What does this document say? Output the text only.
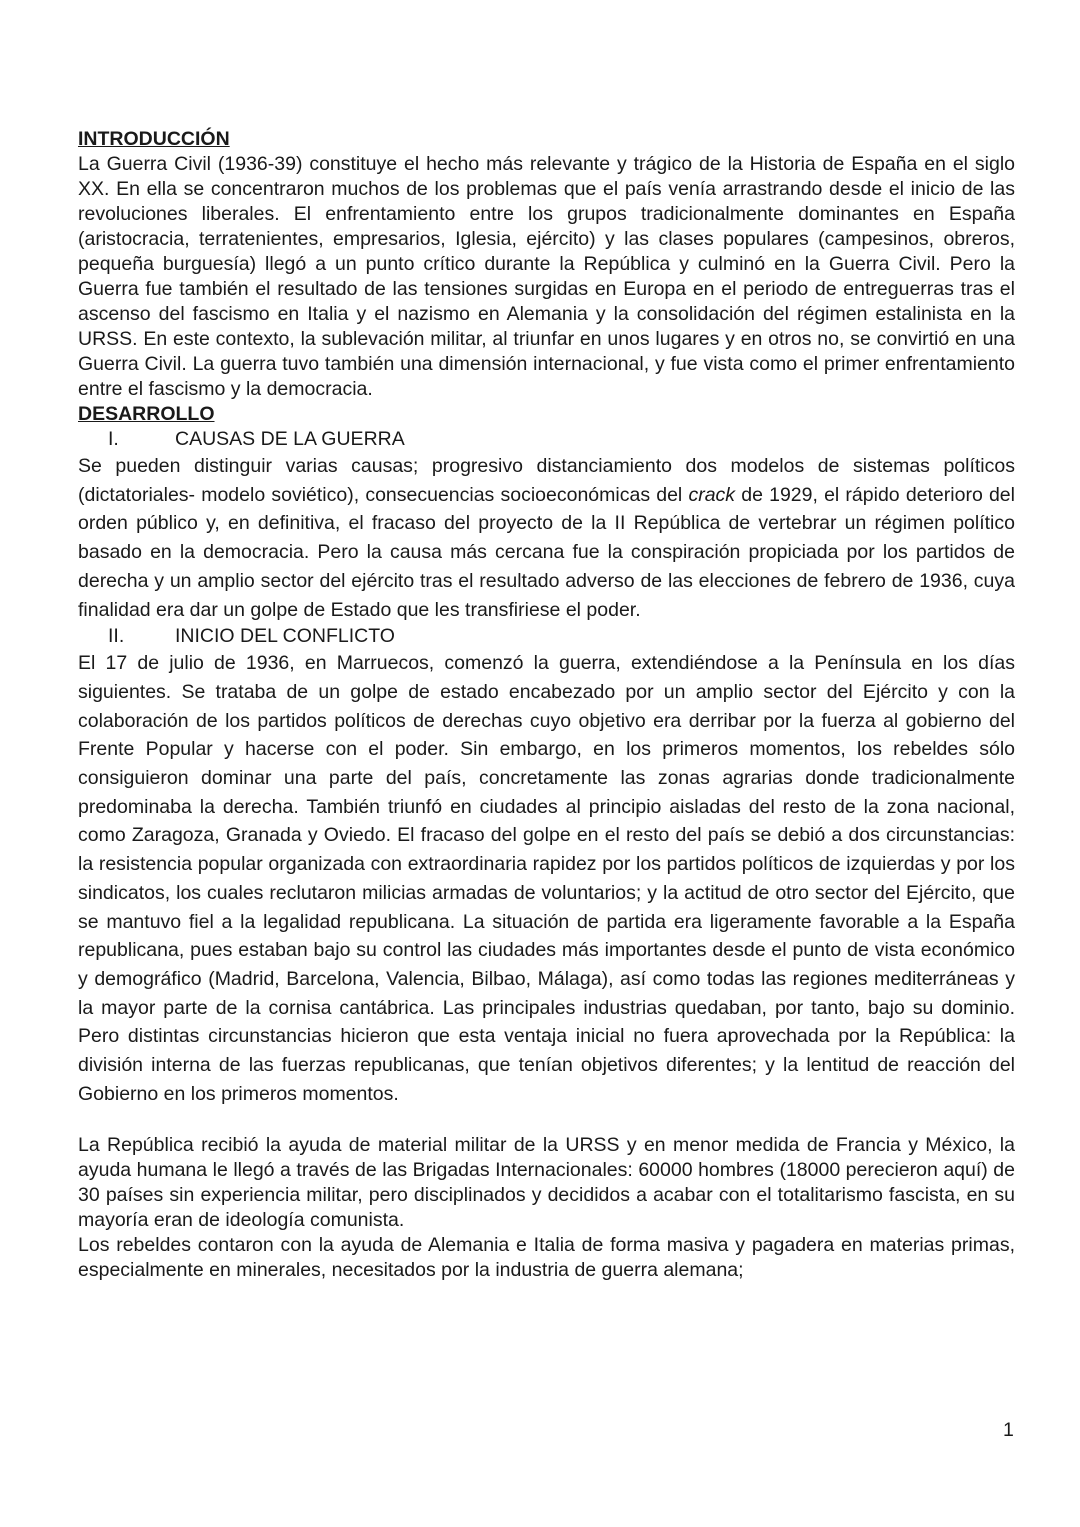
INTRODUCCIÓN

La Guerra Civil (1936-39) constituye el hecho más relevante y trágico de la Historia de España en el siglo XX. En ella se concentraron muchos de los problemas que el país venía arrastrando desde el inicio de las revoluciones liberales. El enfrentamiento entre los grupos tradicionalmente dominantes en España (aristocracia, terratenientes, empresarios, Iglesia, ejército) y las clases populares (campesinos, obreros, pequeña burguesía) llegó a un punto crítico durante la República y culminó en la Guerra Civil. Pero la Guerra fue también el resultado de las tensiones surgidas en Europa en el periodo de entreguerras tras el ascenso del fascismo en Italia y el nazismo en Alemania y la consolidación del régimen estalinista en la URSS. En este contexto, la sublevación militar, al triunfar en unos lugares y en otros no, se convirtió en una Guerra Civil. La guerra tuvo también una dimensión internacional, y fue vista como el primer enfrentamiento entre el fascismo y la democracia.

DESARROLLO

I.	CAUSAS DE LA GUERRA

Se pueden distinguir varias causas; progresivo distanciamiento dos modelos de sistemas políticos (dictatoriales- modelo soviético), consecuencias socioeconómicas del crack de 1929, el rápido deterioro del orden público y, en definitiva, el fracaso del proyecto de la II República de vertebrar un régimen político basado en la democracia. Pero la causa más cercana fue la conspiración propiciada por los partidos de derecha y un amplio sector del ejército tras el resultado adverso de las elecciones de febrero de 1936, cuya finalidad era dar un golpe de Estado que les transfiriese el poder.

II.	INICIO DEL CONFLICTO

El 17 de julio de 1936, en Marruecos, comenzó la guerra, extendiéndose a la Península en los días siguientes. Se trataba de un golpe de estado encabezado por un amplio sector del Ejército y con la colaboración de los partidos políticos de derechas cuyo objetivo era derribar por la fuerza al gobierno del Frente Popular y hacerse con el poder. Sin embargo, en los primeros momentos, los rebeldes sólo consiguieron dominar una parte del país, concretamente las zonas agrarias donde tradicionalmente predominaba la derecha. También triunfó en ciudades al principio aisladas del resto de la zona nacional, como Zaragoza, Granada y Oviedo. El fracaso del golpe en el resto del país se debió a dos circunstancias: la resistencia popular organizada con extraordinaria rapidez por los partidos políticos de izquierdas y por los sindicatos, los cuales reclutaron milicias armadas de voluntarios; y la actitud de otro sector del Ejército, que se mantuvo fiel a la legalidad republicana. La situación de partida era ligeramente favorable a la España republicana, pues estaban bajo su control las ciudades más importantes desde el punto de vista económico y demográfico (Madrid, Barcelona, Valencia, Bilbao, Málaga), así como todas las regiones mediterráneas y la mayor parte de la cornisa cantábrica. Las principales industrias quedaban, por tanto, bajo su dominio. Pero distintas circunstancias hicieron que esta ventaja inicial no fuera aprovechada por la República: la división interna de las fuerzas republicanas, que tenían objetivos diferentes; y la lentitud de reacción del Gobierno en los primeros momentos.

La República recibió la ayuda de material militar de la URSS y en menor medida de Francia y México, la ayuda humana le llegó a través de las Brigadas Internacionales: 60000 hombres (18000 perecieron aquí) de 30 países sin experiencia militar, pero disciplinados y decididos a acabar con el totalitarismo fascista, en su mayoría eran de ideología comunista.

Los rebeldes contaron con la ayuda de Alemania e Italia de forma masiva y pagadera en materias primas, especialmente en minerales, necesitados por la industria de guerra alemana;

1
